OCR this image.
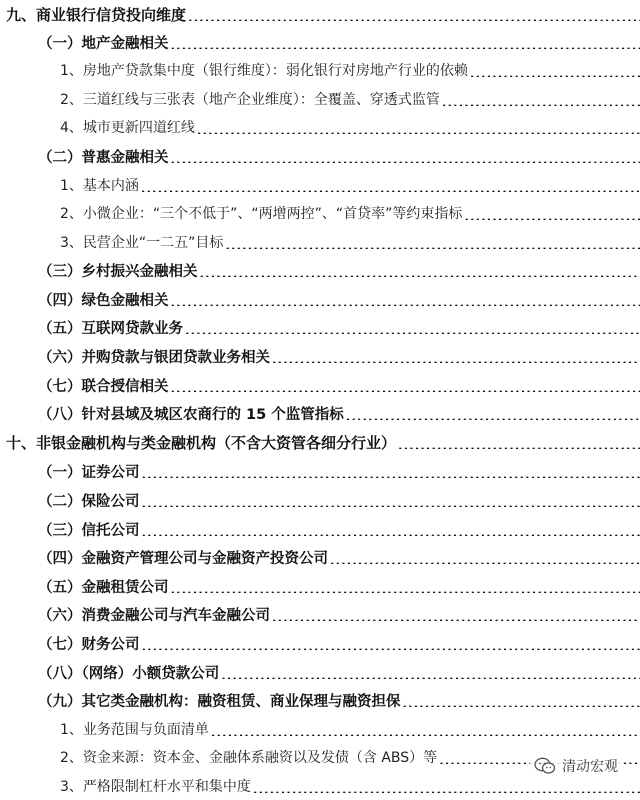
九、商业银行信贷投向维度
.....
（一）地产金融相关
.....
1、房地产贷款集中度（银行维度）：弱化银行对房地产行业的依赖
.....
2、三道红线与三张表（地产企业维度）：全覆盖、穿透式监管
.....
4、城市更新四道红线
.....
（二）普惠金融相关
.....
1、基本内涵
.....
2、小微企业：“三个不低于”、“两增两控”、“首贷率”等约束指标
.....
3、民营企业“一二五”目标
.....
（三）乡村振兴金融相关
.....
（四）绿色金融相关
.....
（五）互联网贷款业务
.....
（六）并购贷款与银团贷款业务相关
.....
（七）联合授信相关
.....
（八）针对县域及城区农商行的 15 个监管指标
.....
十、非银金融机构与类金融机构（不含大资管各细分行业）
.....
（一）证券公司
.....
（二）保险公司
.....
（三）信托公司
.....
（四）金融资产管理公司与金融资产投资公司
.....
（五）金融租赁公司
.....
（六）消费金融公司与汽车金融公司
.....
（七）财务公司
.....
（八）（网络）小额贷款公司
.....
（九）其它类金融机构：融资租赁、商业保理与融资担保
.....
1、业务范围与负面清单
.....
2、资金来源：资本金、金融体系融资以及发债（含 ABS）等
.....
3、严格限制杠杆水平和集中度
.....
清动宏观
